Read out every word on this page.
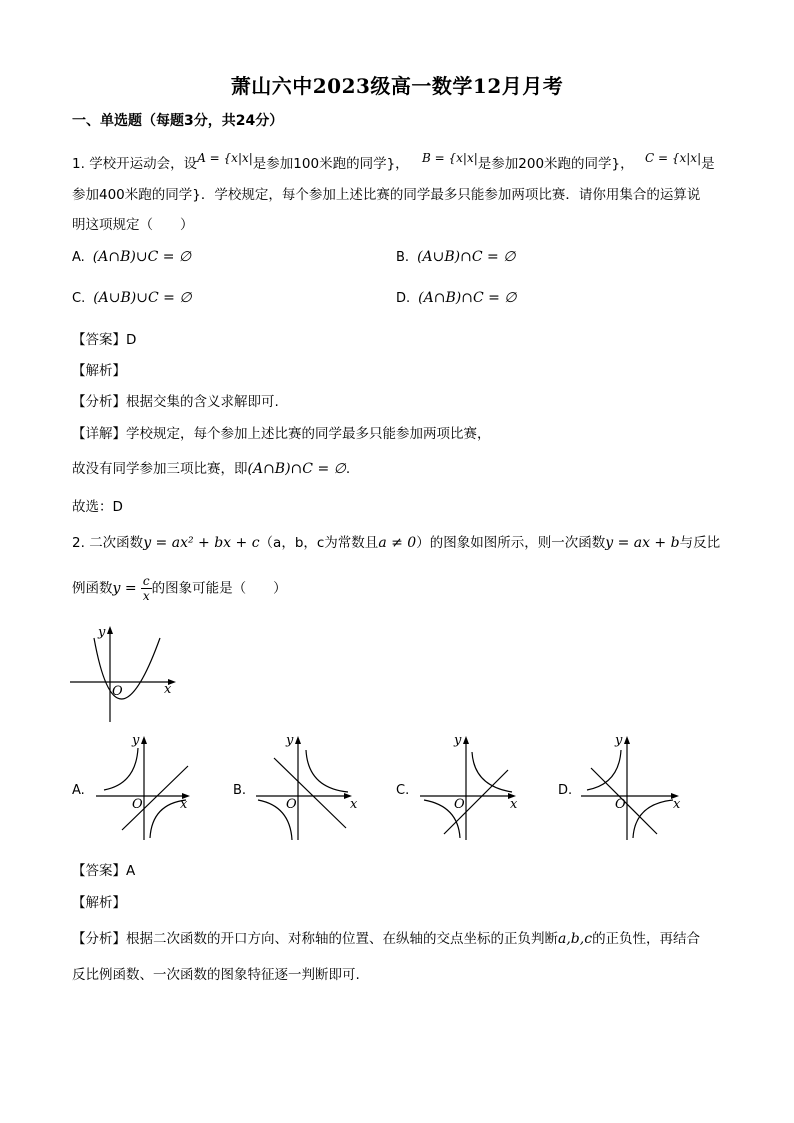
萧山六中2023级高一数学12月月考
一、单选题（每题3分，共24分）
1. 学校开运动会，设A = {x|x|是参加100米跑的同学}， B = {x|x|是参加200米跑的同学}， C = {x|x|是
参加400米跑的同学}．学校规定，每个参加上述比赛的同学最多只能参加两项比赛．请你用集合的运算说
明这项规定（　　）
A. (A∩B)∪C = ∅	B. (A∪B)∩C = ∅
C. (A∪B)∪C = ∅	D. (A∩B)∩C = ∅
【答案】D
【解析】
【分析】根据交集的含义求解即可.
【详解】学校规定，每个参加上述比赛的同学最多只能参加两项比赛，
故没有同学参加三项比赛，即(A∩B)∩C = ∅.
故选：D
2. 二次函数y = ax² + bx + c（a，b，c为常数且a ≠ 0）的图象如图所示，则一次函数y = ax + b与反比
例函数$y = \frac{c}{x}$ 的图象可能是（　　）
x
y
O
A.
x
y
O
B.
x
y
O
C.
x
y
O
D.
x
y
O
【答案】A
【解析】
【分析】根据二次函数的开口方向、对称轴的位置、在纵轴的交点坐标的正负判断a,b,c的正负性，再结合
反比例函数、一次函数的图象特征逐一判断即可.
